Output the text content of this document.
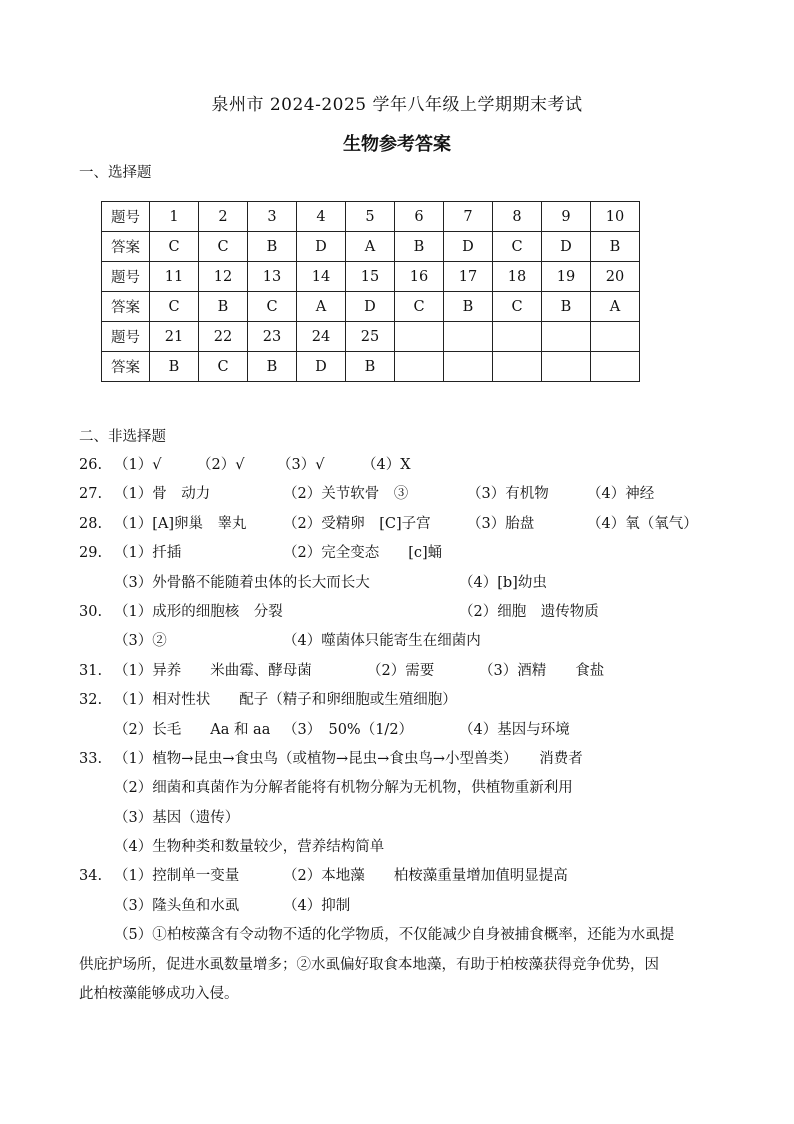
泉州市 2024-2025 学年八年级上学期期末考试
生物参考答案
一、选择题
题号	1	2	3	4	5	6	7	8	9	10
答案	C	C	B	D	A	B	D	C	D	B
题号	11	12	13	14	15	16	17	18	19	20
答案	C	B	C	A	D	C	B	C	B	A
题号	21	22	23	24	25					
答案	B	C	B	D	B					
二、非选择题
26. （1）√ （2）√ （3）√	（4）X
27. （1）骨　动力	（2）关节软骨　③	（3）有机物	（4）神经
28. （1）[A]卵巢　睾丸	（2）受精卵　[C]子宫	（3）胎盘	（4）氧（氧气）
29. （1）扦插	（2）完全变态　　[c]蛹
（3）外骨骼不能随着虫体的长大而长大	（4）[b]幼虫
30. （1）成形的细胞核　分裂	（2）细胞　遗传物质
（3）②	（4）噬菌体只能寄生在细菌内
31. （1）异养　　米曲霉、酵母菌	（2）需要	（3）酒精　　食盐
32. （1）相对性状　　配子（精子和卵细胞或生殖细胞）
（2）长毛　　Aa 和 aa （3）　50%（1/2）	（4）基因与环境
33. （1）植物→昆虫→食虫鸟（或植物→昆虫→食虫鸟→小型兽类）　　消费者
（2）细菌和真菌作为分解者能将有机物分解为无机物，供植物重新利用
（3）基因（遗传）
（4）生物种类和数量较少，营养结构简单
34. （1）控制单一变量	（2）本地藻　　柏桉藻重量增加值明显提高
（3）隆头鱼和水虱	（4）抑制
（5）①柏桉藻含有令动物不适的化学物质，不仅能减少自身被捕食概率，还能为水虱提
供庇护场所，促进水虱数量增多；②水虱偏好取食本地藻，有助于柏桉藻获得竞争优势，因
此柏桉藻能够成功入侵。
